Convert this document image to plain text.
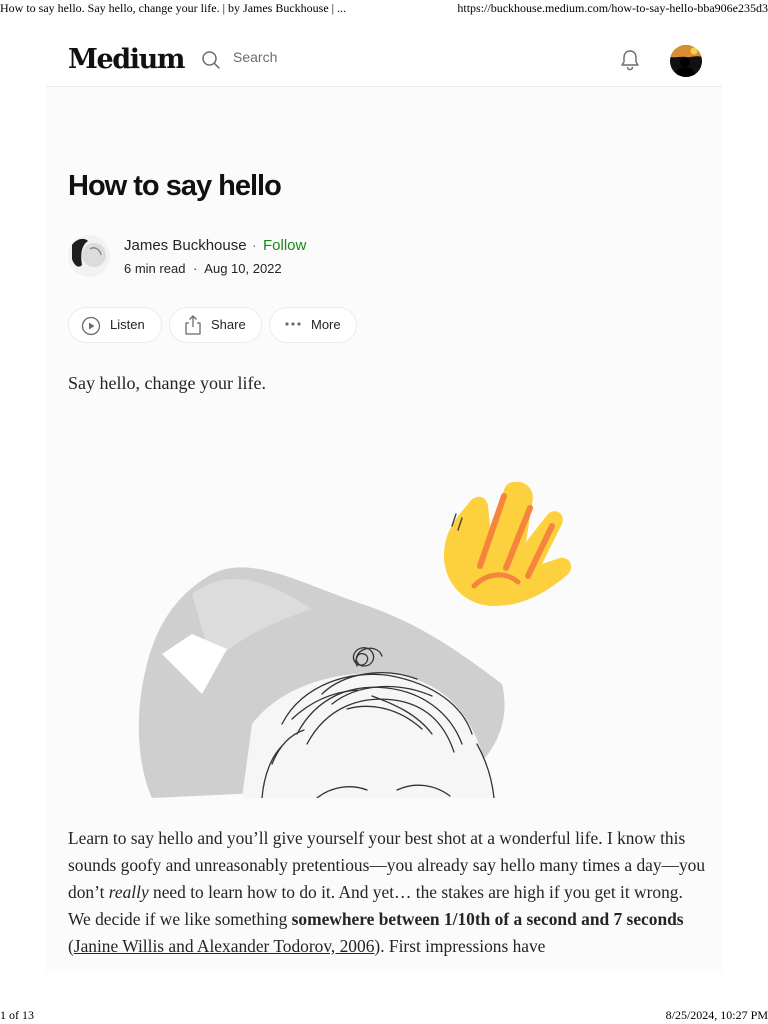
How to say hello. Say hello, change your life. | by James Buckhouse | ...	https://buckhouse.medium.com/how-to-say-hello-bba906e235d3
Medium
Search
How to say hello
James Buckhouse · Follow
6 min read · Aug 10, 2022
Listen	Share	More

Say hello, change your life.

Learn to say hello and you’ll give yourself your best shot at a wonderful life. I know this sounds goofy and unreasonably pretentious—you already say hello many times a day—you don’t really need to learn how to do it. And yet… the stakes are high if you get it wrong. We decide if we like something somewhere between 1/10th of a second and 7 seconds (Janine Willis and Alexander Todorov, 2006). First impressions have

1 of 13	8/25/2024, 10:27 PM
